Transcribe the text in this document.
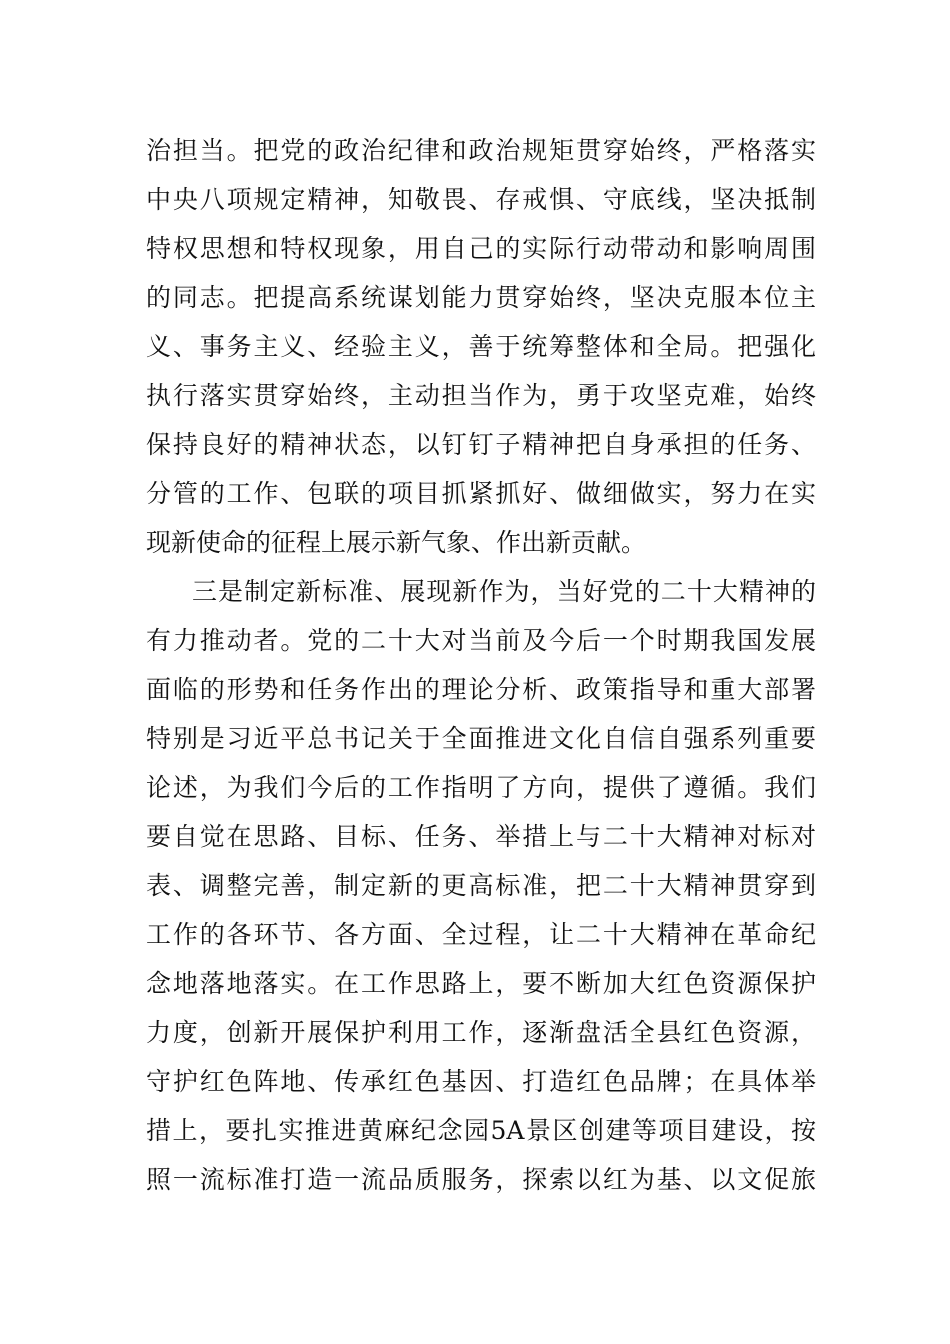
治担当。把党的政治纪律和政治规矩贯穿始终，严格落实
中央八项规定精神，知敬畏、存戒惧、守底线，坚决抵制
特权思想和特权现象，用自己的实际行动带动和影响周围
的同志。把提高系统谋划能力贯穿始终，坚决克服本位主
义、事务主义、经验主义，善于统筹整体和全局。把强化
执行落实贯穿始终，主动担当作为，勇于攻坚克难，始终
保持良好的精神状态，以钉钉子精神把自身承担的任务、
分管的工作、包联的项目抓紧抓好、做细做实，努力在实
现新使命的征程上展示新气象、作出新贡献。
三是制定新标准、展现新作为，当好党的二十大精神的
有力推动者。党的二十大对当前及今后一个时期我国发展
面临的形势和任务作出的理论分析、政策指导和重大部署
特别是习近平总书记关于全面推进文化自信自强系列重要
论述，为我们今后的工作指明了方向，提供了遵循。我们
要自觉在思路、目标、任务、举措上与二十大精神对标对
表、调整完善，制定新的更高标准，把二十大精神贯穿到
工作的各环节、各方面、全过程，让二十大精神在革命纪
念地落地落实。在工作思路上，要不断加大红色资源保护
力度，创新开展保护利用工作，逐渐盘活全县红色资源，
守护红色阵地、传承红色基因、打造红色品牌；在具体举
措上，要扎实推进黄麻纪念园5A景区创建等项目建设，按
照一流标准打造一流品质服务，探索以红为基、以文促旅
